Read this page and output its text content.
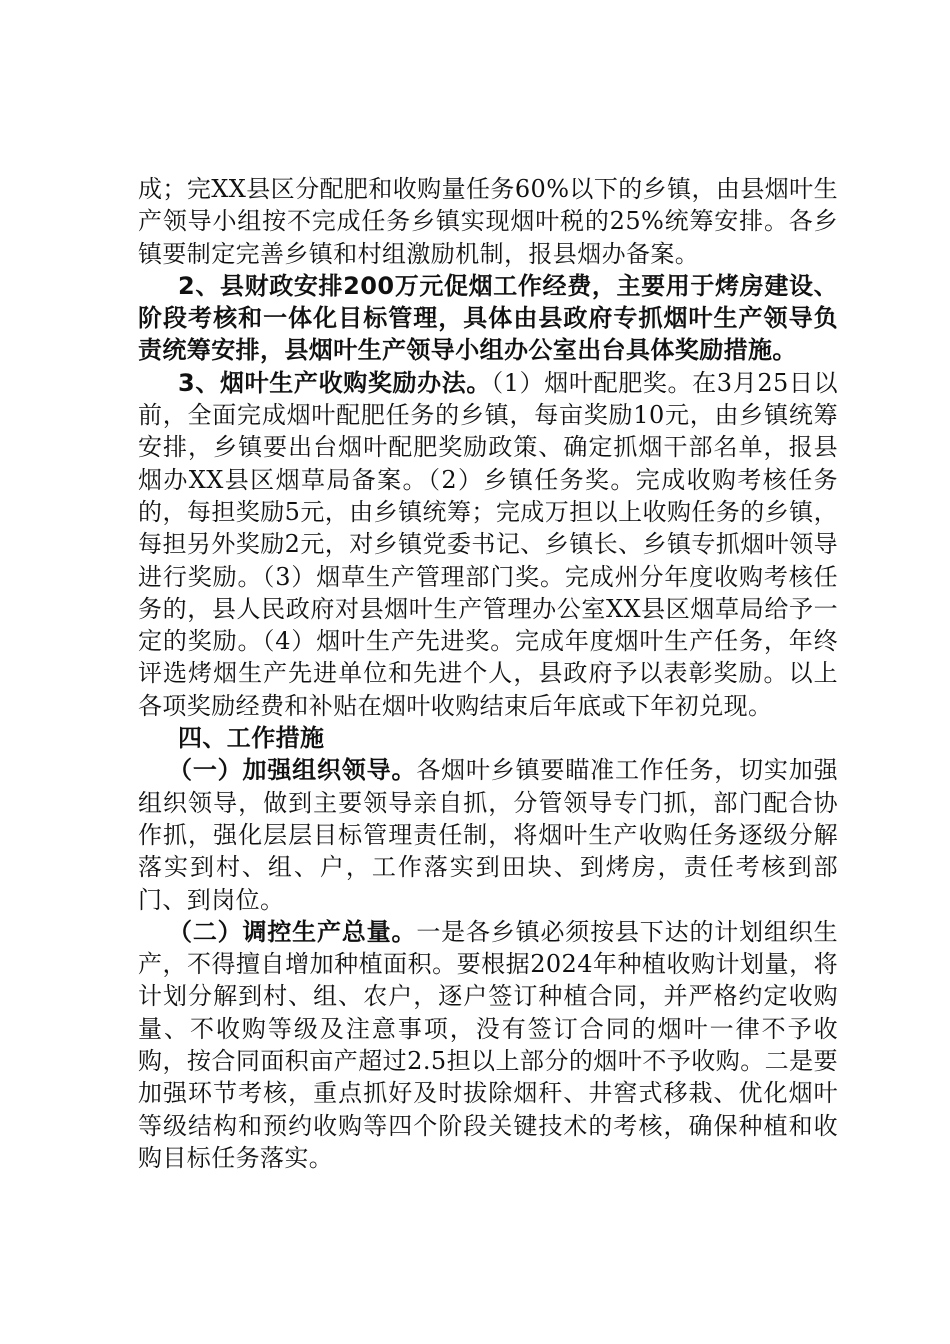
成；完XX县区分配肥和收购量任务60%以下的乡镇，由县烟叶生产领导小组按不完成任务乡镇实现烟叶税的25%统筹安排。各乡镇要制定完善乡镇和村组激励机制，报县烟办备案。

2、县财政安排200万元促烟工作经费，主要用于烤房建设、阶段考核和一体化目标管理，具体由县政府专抓烟叶生产领导负责统筹安排，县烟叶生产领导小组办公室出台具体奖励措施。

3、烟叶生产收购奖励办法。（1）烟叶配肥奖。在3月25日以前，全面完成烟叶配肥任务的乡镇，每亩奖励10元，由乡镇统筹安排，乡镇要出台烟叶配肥奖励政策、确定抓烟干部名单，报县烟办XX县区烟草局备案。（2）乡镇任务奖。完成收购考核任务的，每担奖励5元，由乡镇统筹；完成万担以上收购任务的乡镇，每担另外奖励2元，对乡镇党委书记、乡镇长、乡镇专抓烟叶领导进行奖励。（3）烟草生产管理部门奖。完成州分年度收购考核任务的，县人民政府对县烟叶生产管理办公室XX县区烟草局给予一定的奖励。（4）烟叶生产先进奖。完成年度烟叶生产任务，年终评选烤烟生产先进单位和先进个人，县政府予以表彰奖励。以上各项奖励经费和补贴在烟叶收购结束后年底或下年初兑现。

四、工作措施

（一）加强组织领导。各烟叶乡镇要瞄准工作任务，切实加强组织领导，做到主要领导亲自抓，分管领导专门抓，部门配合协作抓，强化层层目标管理责任制，将烟叶生产收购任务逐级分解落实到村、组、户，工作落实到田块、到烤房，责任考核到部门、到岗位。

（二）调控生产总量。一是各乡镇必须按县下达的计划组织生产，不得擅自增加种植面积。要根据2024年种植收购计划量，将计划分解到村、组、农户，逐户签订种植合同，并严格约定收购量、不收购等级及注意事项，没有签订合同的烟叶一律不予收购，按合同面积亩产超过2.5担以上部分的烟叶不予收购。二是要加强环节考核，重点抓好及时拔除烟秆、井窖式移栽、优化烟叶等级结构和预约收购等四个阶段关键技术的考核，确保种植和收购目标任务落实。
